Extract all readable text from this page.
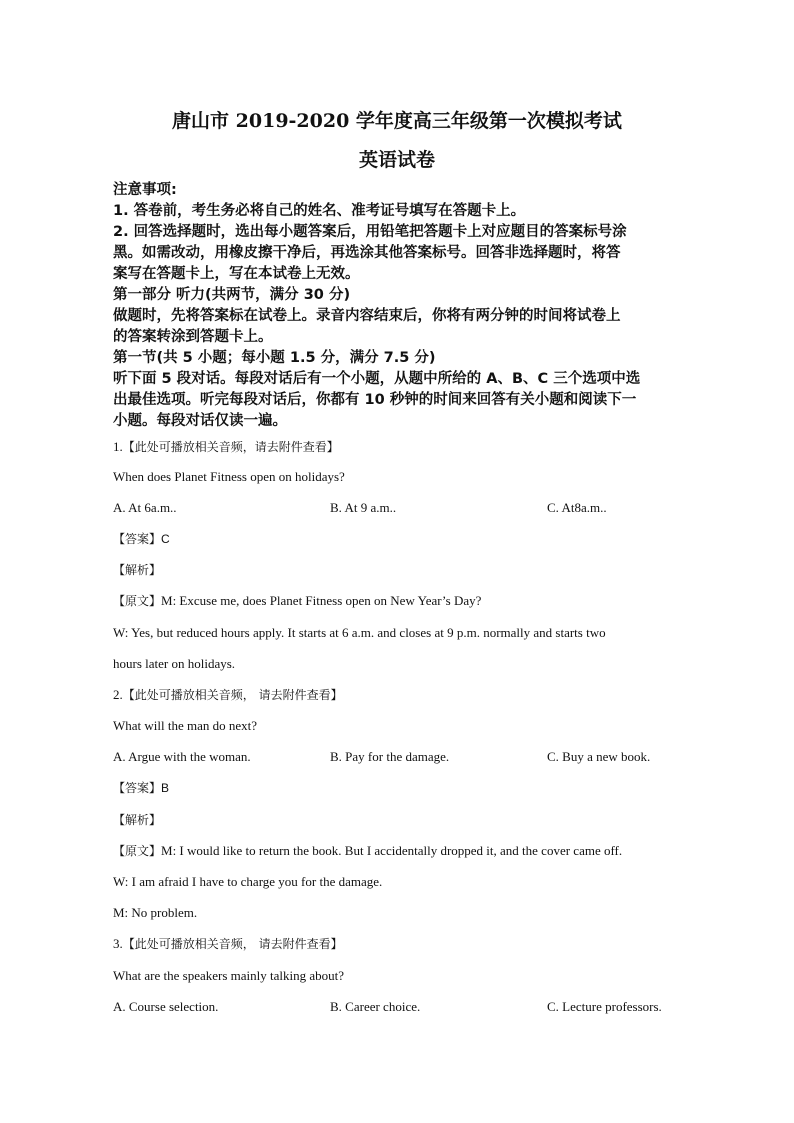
唐山市 2019-2020 学年度高三年级第一次模拟考试
英语试卷
注意事项:
1. 答卷前，考生务必将自己的姓名、准考证号填写在答题卡上。
2. 回答选择题时，选出每小题答案后，用铅笔把答题卡上对应题目的答案标号涂
黑。如需改动，用橡皮擦干净后，再选涂其他答案标号。回答非选择题时，将答
案写在答题卡上，写在本试卷上无效。
第一部分 听力(共两节，满分 30 分)
做题时，先将答案标在试卷上。录音内容结束后，你将有两分钟的时间将试卷上
的答案转涂到答题卡上。
第一节(共 5 小题；每小题 1.5 分，满分 7.5 分)
听下面 5 段对话。每段对话后有一个小题，从题中所给的 A、B、C 三个选项中选
出最佳选项。听完每段对话后，你都有 10 秒钟的时间来回答有关小题和阅读下一
小题。每段对话仅读一遍。
1.【此处可播放相关音频，请去附件查看】
When does Planet Fitness open on holidays?
A. At 6a.m..	B. At 9 a.m..	C. At8a.m..
【答案】C
【解析】
【原文】M: Excuse me, does Planet Fitness open on New Year’s Day?
W: Yes, but reduced hours apply. It starts at 6 a.m. and closes at 9 p.m. normally and starts two
hours later on holidays.
2.【此处可播放相关音频， 请去附件查看】
What will the man do next?
A. Argue with the woman.	B. Pay for the damage.	C. Buy a new book.
【答案】B
【解析】
【原文】M: I would like to return the book. But I accidentally dropped it, and the cover came off.
W: I am afraid I have to charge you for the damage.
M: No problem.
3.【此处可播放相关音频， 请去附件查看】
What are the speakers mainly talking about?
A. Course selection.	B. Career choice.	C. Lecture professors.
